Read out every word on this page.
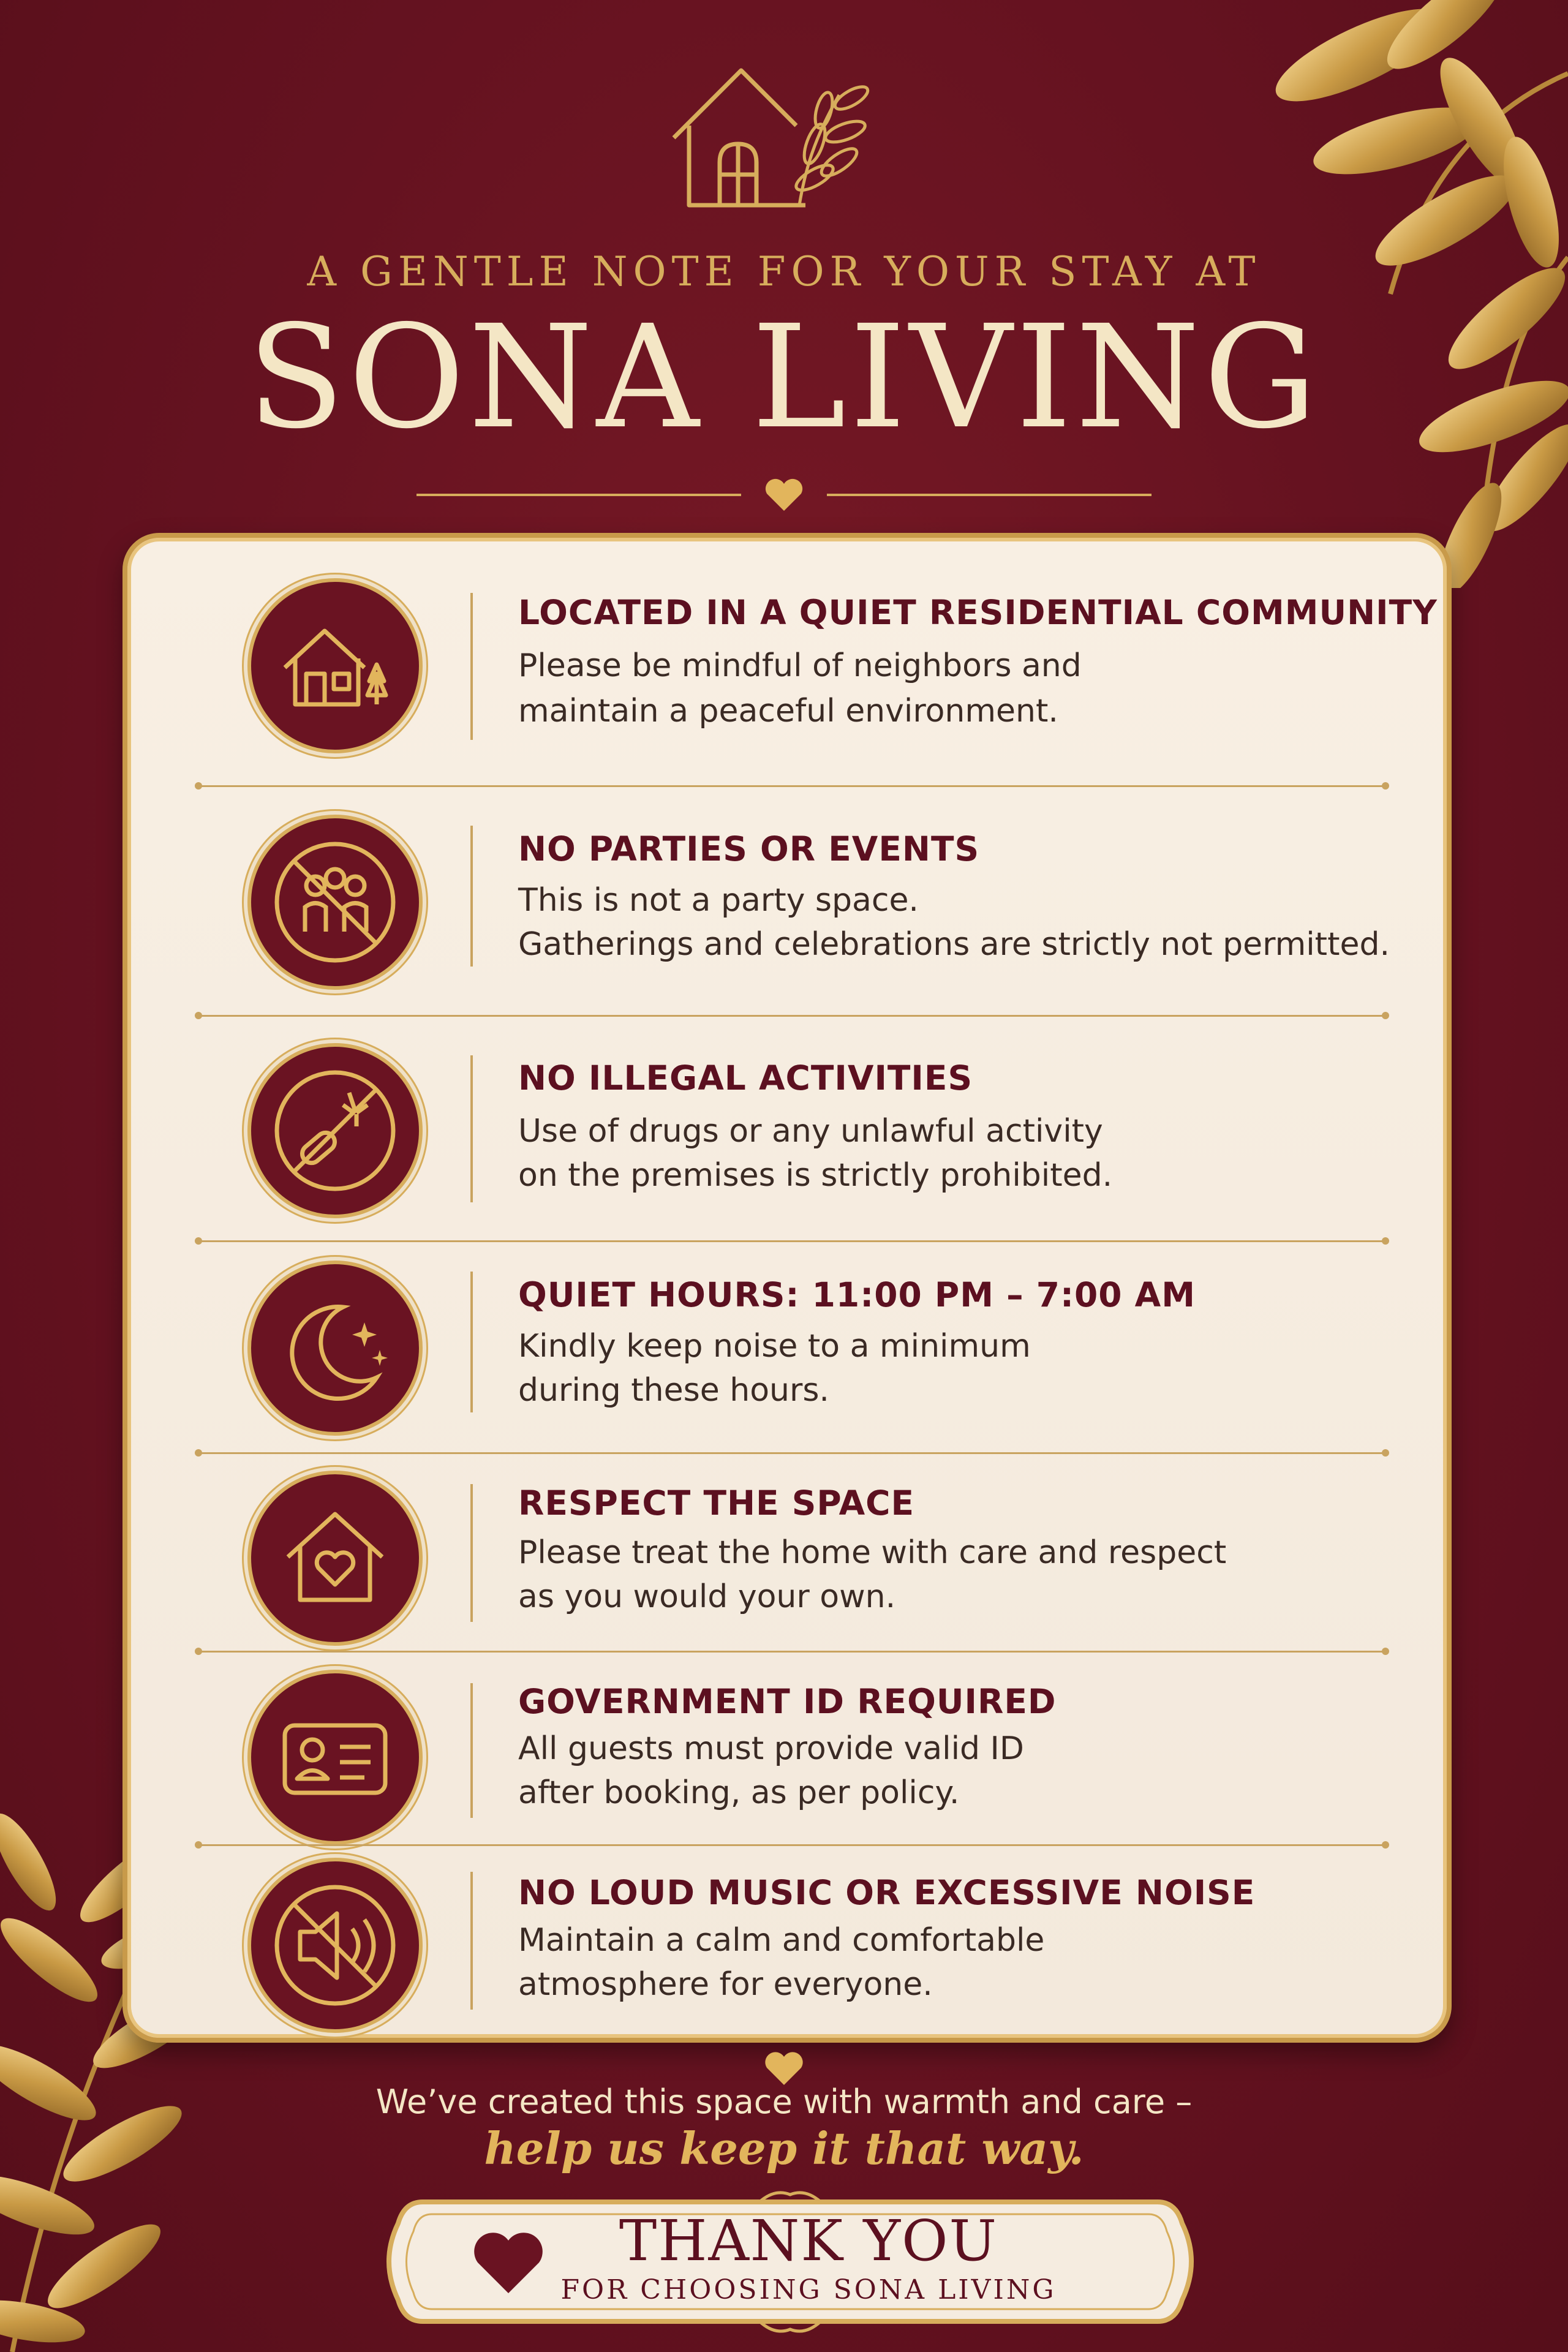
A GENTLE NOTE FOR YOUR STAY AT
SONA LIVING
LOCATED IN A QUIET RESIDENTIAL COMMUNITY
Please be mindful of neighbors and
maintain a peaceful environment.
NO PARTIES OR EVENTS
This is not a party space.
Gatherings and celebrations are strictly not permitted.
NO ILLEGAL ACTIVITIES
Use of drugs or any unlawful activity
on the premises is strictly prohibited.
QUIET HOURS: 11:00 PM – 7:00 AM
Kindly keep noise to a minimum
during these hours.
RESPECT THE SPACE
Please treat the home with care and respect
as you would your own.
GOVERNMENT ID REQUIRED
All guests must provide valid ID
after booking, as per policy.
NO LOUD MUSIC OR EXCESSIVE NOISE
Maintain a calm and comfortable
atmosphere for everyone.
We’ve created this space with warmth and care –
help us keep it that way.
THANK YOU
FOR CHOOSING SONA LIVING
